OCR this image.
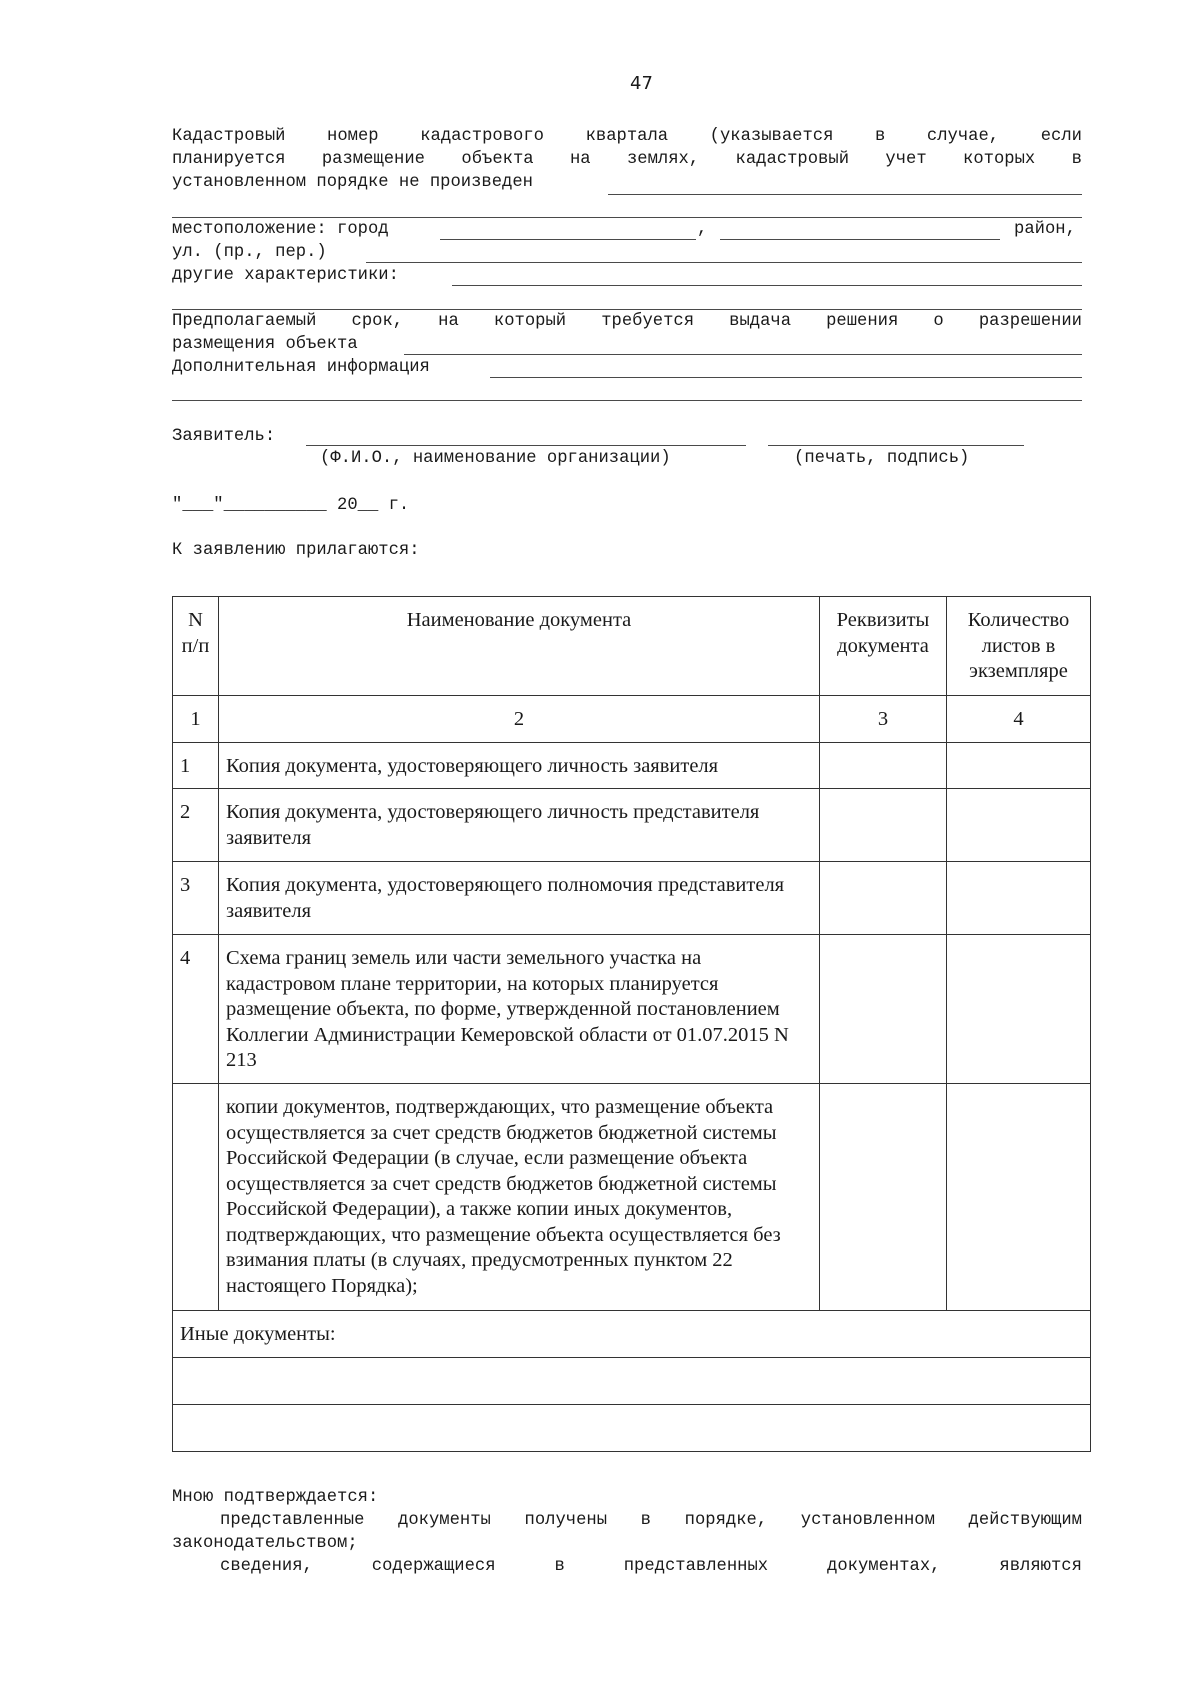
47
Кадастровый номер кадастрового квартала (указывается в случае, если
планируется размещение объекта на землях, кадастровый учет которых в
установленном порядке не произведен
местоположение: город	,	район,
ул. (пр., пер.)
другие характеристики:
Предполагаемый срок, на который требуется выдача решения о разрешении
размещения объекта
Дополнительная информация
Заявитель:
(Ф.И.О., наименование организации)	(печать, подпись)
"___"__________ 20__ г.
К заявлению прилагаются:
N п/п	Наименование документа	Реквизиты документа	Количество листов в экземпляре
1	2	3	4
1	Копия документа, удостоверяющего личность заявителя		
2	Копия документа, удостоверяющего личность представителя заявителя		
3	Копия документа, удостоверяющего полномочия представителя заявителя		
4	Схема границ земель или части земельного участка на кадастровом плане территории, на которых планируется размещение объекта, по форме, утвержденной постановлением Коллегии Администрации Кемеровской области от 01.07.2015 N 213		
	копии документов, подтверждающих, что размещение объекта осуществляется за счет средств бюджетов бюджетной системы Российской Федерации (в случае, если размещение объекта осуществляется за счет средств бюджетов бюджетной системы Российской Федерации), а также копии иных документов, подтверждающих, что размещение объекта осуществляется без взимания платы (в случаях, предусмотренных пунктом 22 настоящего Порядка);		
Иные документы:			

Мною подтверждается:
представленные документы получены в порядке, установленном действующим
законодательством;
сведения,	содержащиеся	в	представленных	документах,	являются
